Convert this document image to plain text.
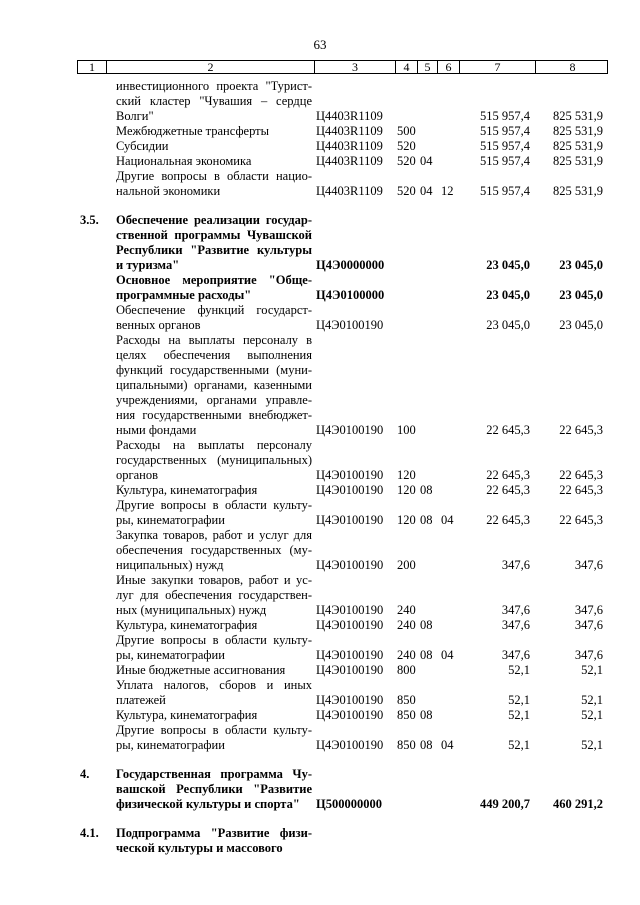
63
1	2	3	4	5	6	7	8
инвестиционного проекта "Турист-
ский кластер "Чувашия – сердце
Волги"	Ц4403R1109	515 957,4	825 531,9
Межбюджетные трансферты	Ц4403R1109	500	515 957,4	825 531,9
Субсидии	Ц4403R1109	520	515 957,4	825 531,9
Национальная экономика	Ц4403R1109	520 04	515 957,4	825 531,9
Другие вопросы в области нацио-
нальной экономики	Ц4403R1109	520 04 12	515 957,4	825 531,9
3.5.	Обеспечение реализации государ-
ственной программы Чувашской
Республики "Развитие культуры
и туризма"	Ц4Э0000000	23 045,0	23 045,0
Основное мероприятие "Обще-
программные расходы"	Ц4Э0100000	23 045,0	23 045,0
Обеспечение функций государст-
венных органов	Ц4Э0100190	23 045,0	23 045,0
Расходы на выплаты персоналу в
целях обеспечения выполнения
функций государственными (муни-
ципальными) органами, казенными
учреждениями, органами управле-
ния государственными внебюджет-
ными фондами	Ц4Э0100190	100	22 645,3	22 645,3
Расходы на выплаты персоналу
государственных (муниципальных)
органов	Ц4Э0100190	120	22 645,3	22 645,3
Культура, кинематография	Ц4Э0100190	120 08	22 645,3	22 645,3
Другие вопросы в области культу-
ры, кинематографии	Ц4Э0100190	120 08 04	22 645,3	22 645,3
Закупка товаров, работ и услуг для
обеспечения государственных (му-
ниципальных) нужд	Ц4Э0100190	200	347,6	347,6
Иные закупки товаров, работ и ус-
луг для обеспечения государствен-
ных (муниципальных) нужд	Ц4Э0100190	240	347,6	347,6
Культура, кинематография	Ц4Э0100190	240 08	347,6	347,6
Другие вопросы в области культу-
ры, кинематографии	Ц4Э0100190	240 08 04	347,6	347,6
Иные бюджетные ассигнования	Ц4Э0100190	800	52,1	52,1
Уплата налогов, сборов и иных
платежей	Ц4Э0100190	850	52,1	52,1
Культура, кинематография	Ц4Э0100190	850 08	52,1	52,1
Другие вопросы в области культу-
ры, кинематографии	Ц4Э0100190	850 08 04	52,1	52,1
4.	Государственная программа Чу-
вашской Республики "Развитие
физической культуры и спорта"	Ц500000000	449 200,7	460 291,2
4.1.	Подпрограмма "Развитие физи-
ческой культуры и массового
